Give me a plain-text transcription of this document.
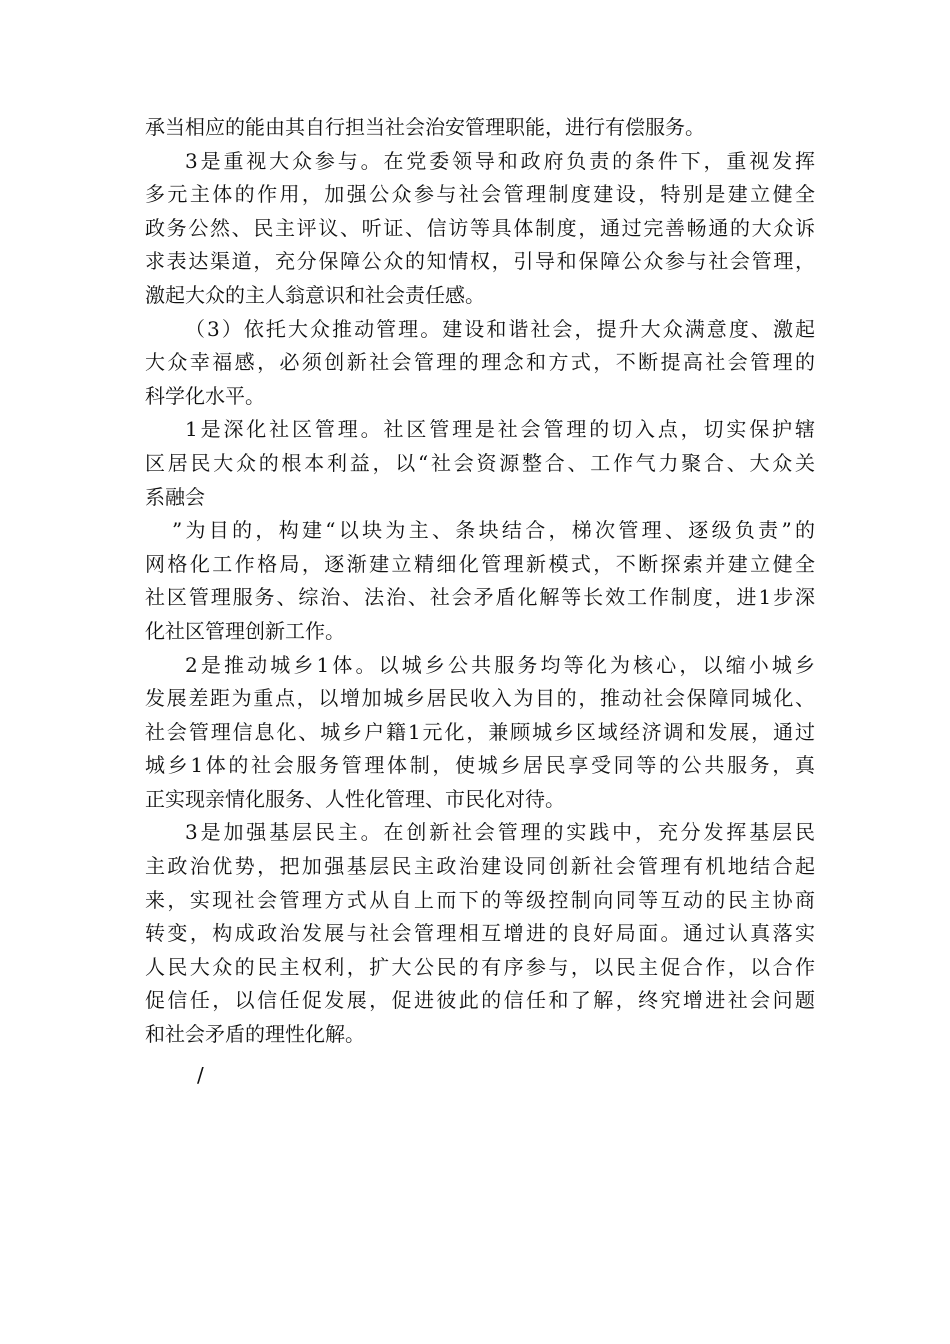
承当相应的能由其自行担当社会治安管理职能，进行有偿服务。
3是重视大众参与。在党委领导和政府负责的条件下，重视发挥
多元主体的作用，加强公众参与社会管理制度建设，特别是建立健全
政务公然、民主评议、听证、信访等具体制度，通过完善畅通的大众诉
求表达渠道，充分保障公众的知情权，引导和保障公众参与社会管理，
激起大众的主人翁意识和社会责任感。
（3）依托大众推动管理。建设和谐社会，提升大众满意度、激起
大众幸福感，必须创新社会管理的理念和方式，不断提高社会管理的
科学化水平。
1是深化社区管理。社区管理是社会管理的切入点，切实保护辖
区居民大众的根本利益，以“社会资源整合、工作气力聚合、大众关
系融会
”为目的，构建“以块为主、条块结合，梯次管理、逐级负责”的
网格化工作格局，逐渐建立精细化管理新模式，不断探索并建立健全
社区管理服务、综治、法治、社会矛盾化解等长效工作制度，进1步深
化社区管理创新工作。
2是推动城乡1体。以城乡公共服务均等化为核心，以缩小城乡
发展差距为重点，以增加城乡居民收入为目的，推动社会保障同城化、
社会管理信息化、城乡户籍1元化，兼顾城乡区域经济调和发展，通过
城乡1体的社会服务管理体制，使城乡居民享受同等的公共服务，真
正实现亲情化服务、人性化管理、市民化对待。
3是加强基层民主。在创新社会管理的实践中，充分发挥基层民
主政治优势，把加强基层民主政治建设同创新社会管理有机地结合起
来，实现社会管理方式从自上而下的等级控制向同等互动的民主协商
转变，构成政治发展与社会管理相互增进的良好局面。通过认真落实
人民大众的民主权利，扩大公民的有序参与，以民主促合作，以合作
促信任，以信任促发展，促进彼此的信任和了解，终究增进社会问题
和社会矛盾的理性化解。
/
